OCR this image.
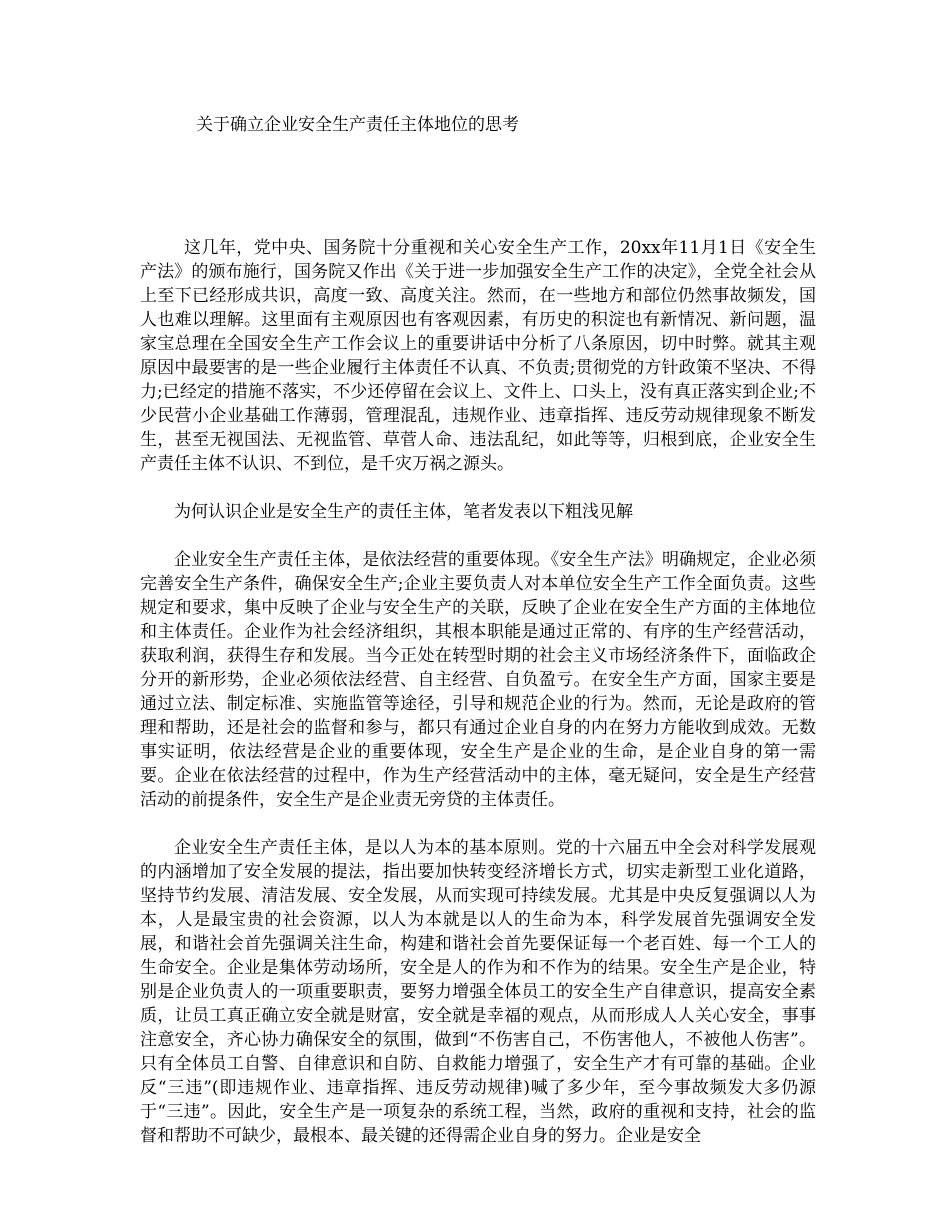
关于确立企业安全生产责任主体地位的思考

这几年，党中央、国务院十分重视和关心安全生产工作，20xx年11月1日《安全生产法》的颁布施行，国务院又作出《关于进一步加强安全生产工作的决定》，全党全社会从上至下已经形成共识，高度一致、高度关注。然而，在一些地方和部位仍然事故频发，国人也难以理解。这里面有主观原因也有客观因素，有历史的积淀也有新情况、新问题，温家宝总理在全国安全生产工作会议上的重要讲话中分析了八条原因，切中时弊。就其主观原因中最要害的是一些企业履行主体责任不认真、不负责;贯彻党的方针政策不坚决、不得力;已经定的措施不落实，不少还停留在会议上、文件上、口头上，没有真正落实到企业;不少民营小企业基础工作薄弱，管理混乱，违规作业、违章指挥、违反劳动规律现象不断发生，甚至无视国法、无视监管、草菅人命、违法乱纪，如此等等，归根到底，企业安全生产责任主体不认识、不到位，是千灾万祸之源头。

为何认识企业是安全生产的责任主体，笔者发表以下粗浅见解

企业安全生产责任主体，是依法经营的重要体现。《安全生产法》明确规定，企业必须完善安全生产条件，确保安全生产;企业主要负责人对本单位安全生产工作全面负责。这些规定和要求，集中反映了企业与安全生产的关联，反映了企业在安全生产方面的主体地位和主体责任。企业作为社会经济组织，其根本职能是通过正常的、有序的生产经营活动，获取利润，获得生存和发展。当今正处在转型时期的社会主义市场经济条件下，面临政企分开的新形势，企业必须依法经营、自主经营、自负盈亏。在安全生产方面，国家主要是通过立法、制定标准、实施监管等途径，引导和规范企业的行为。然而，无论是政府的管理和帮助，还是社会的监督和参与，都只有通过企业自身的内在努力方能收到成效。无数事实证明，依法经营是企业的重要体现，安全生产是企业的生命，是企业自身的第一需要。企业在依法经营的过程中，作为生产经营活动中的主体，毫无疑问，安全是生产经营活动的前提条件，安全生产是企业责无旁贷的主体责任。

企业安全生产责任主体，是以人为本的基本原则。党的十六届五中全会对科学发展观的内涵增加了安全发展的提法，指出要加快转变经济增长方式，切实走新型工业化道路，坚持节约发展、清洁发展、安全发展，从而实现可持续发展。尤其是中央反复强调以人为本，人是最宝贵的社会资源，以人为本就是以人的生命为本，科学发展首先强调安全发展，和谐社会首先强调关注生命，构建和谐社会首先要保证每一个老百姓、每一个工人的生命安全。企业是集体劳动场所，安全是人的作为和不作为的结果。安全生产是企业，特别是企业负责人的一项重要职责，要努力增强全体员工的安全生产自律意识，提高安全素质，让员工真正确立安全就是财富，安全就是幸福的观点，从而形成人人关心安全，事事注意安全，齐心协力确保安全的氛围，做到“不伤害自己，不伤害他人，不被他人伤害”。只有全体员工自警、自律意识和自防、自救能力增强了，安全生产才有可靠的基础。企业反“三违”(即违规作业、违章指挥、违反劳动规律)喊了多少年，至今事故频发大多仍源于“三违”。因此，安全生产是一项复杂的系统工程，当然，政府的重视和支持，社会的监督和帮助不可缺少，最根本、最关键的还得需企业自身的努力。企业是安全
